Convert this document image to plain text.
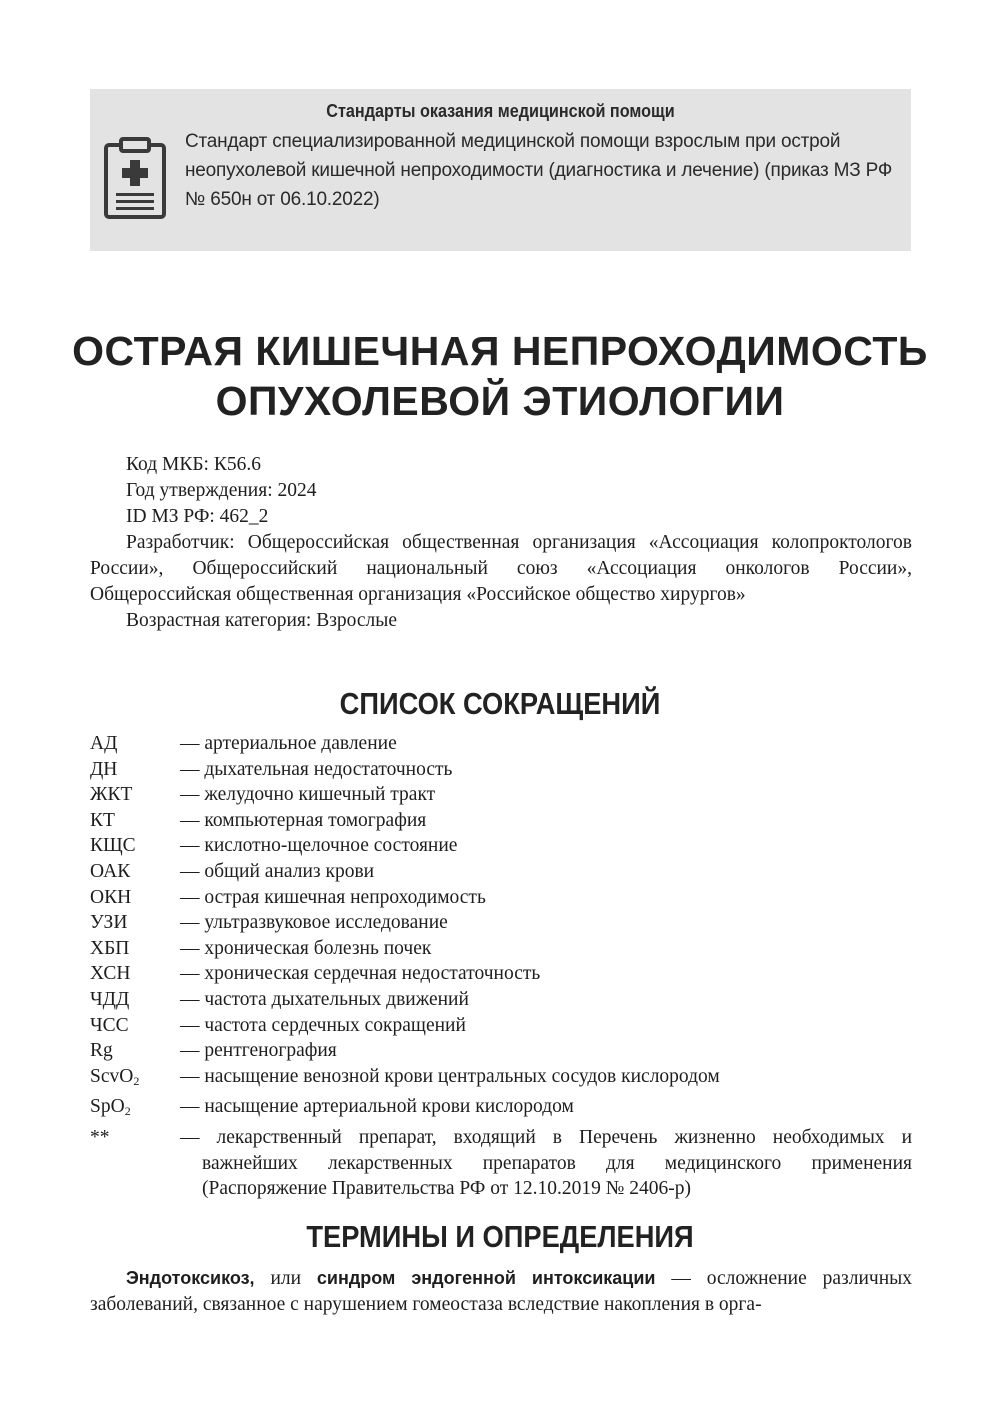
Стандарты оказания медицинской помощи
Стандарт специализированной медицинской помощи взрослым при острой неопухолевой кишечной непроходимости (диагностика и лечение) (приказ МЗ РФ № 650н от 06.10.2022)
ОСТРАЯ КИШЕЧНАЯ НЕПРОХОДИМОСТЬ
ОПУХОЛЕВОЙ ЭТИОЛОГИИ

Код МКБ: К56.6

Год утверждения: 2024

ID МЗ РФ: 462_2

Разработчик: Общероссийская общественная организация «Ассоциация колопроктологов России», Общероссийский национальный союз «Ассоциация онкологов России», Общероссийская общественная организация «Российское общество хирургов»

Возрастная категория: Взрослые

СПИСОК СОКРАЩЕНИЙ
АД	— артериальное давление
ДН	— дыхательная недостаточность
ЖКТ	— желудочно кишечный тракт
КТ	— компьютерная томография
КЩС	— кислотно-щелочное состояние
ОАК	— общий анализ крови
ОКН	— острая кишечная непроходимость
УЗИ	— ультразвуковое исследование
ХБП	— хроническая болезнь почек
ХСН	— хроническая сердечная недостаточность
ЧДД	— частота дыхательных движений
ЧСС	— частота сердечных сокращений
Rg	— рентгенография
ScvO$_2$	— насыщение венозной крови центральных сосудов кислородом
SpO$_2$	— насыщение артериальной крови кислородом
**	— лекарственный препарат, входящий в Перечень жизненно необходимых и важнейших лекарственных препаратов для медицинского применения (Распоряжение Правительства РФ от 12.10.2019 № 2406-р)
ТЕРМИНЫ И ОПРЕДЕЛЕНИЯ
Эндотоксикоз, или синдром эндогенной интоксикации — осложнение различных заболеваний, связанное с нарушением гомеостаза вследствие накопления в орга-
